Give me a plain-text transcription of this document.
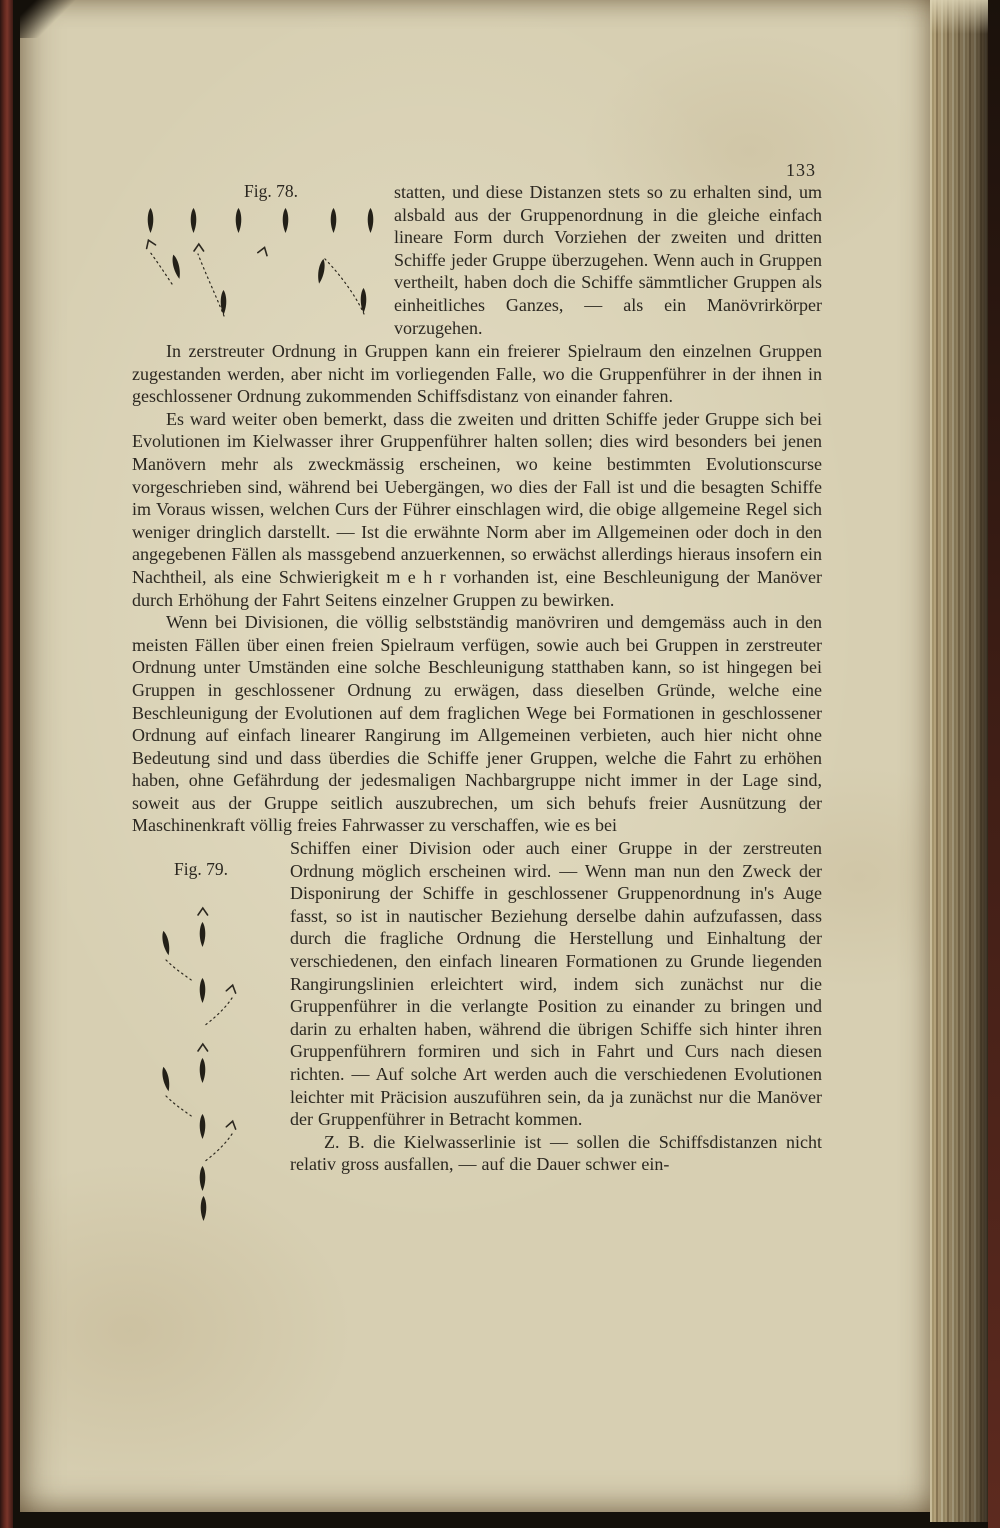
133
Fig. 78.	statten, und diese Distanzen stets so zu erhalten sind, um alsbald aus der Gruppenordnung in die gleiche einfach lineare Form durch Vorziehen der zweiten und dritten Schiffe jeder Gruppe überzugehen. Wenn auch in Gruppen vertheilt, haben doch die Schiffe sämmtlicher Gruppen als einheitliches Ganzes, — als ein Manövrirkörper vorzugehen.

In zerstreuter Ordnung in Gruppen kann ein freierer Spielraum den einzelnen Gruppen zugestanden werden, aber nicht im vorliegenden Falle, wo die Gruppenführer in der ihnen in geschlossener Ordnung zukommenden Schiffsdistanz von einander fahren.

Es ward weiter oben bemerkt, dass die zweiten und dritten Schiffe jeder Gruppe sich bei Evolutionen im Kielwasser ihrer Gruppenführer halten sollen; dies wird besonders bei jenen Manövern mehr als zweckmässig erscheinen, wo keine bestimmten Evolutionscurse vorgeschrieben sind, während bei Uebergängen, wo dies der Fall ist und die besagten Schiffe im Voraus wissen, welchen Curs der Führer einschlagen wird, die obige allgemeine Regel sich weniger dringlich darstellt. — Ist die erwähnte Norm aber im Allgemeinen oder doch in den angegebenen Fällen als massgebend anzuerkennen, so erwächst allerdings hieraus insofern ein Nachtheil, als eine Schwierigkeit m e h r vorhanden ist, eine Beschleunigung der Manöver durch Erhöhung der Fahrt Seitens einzelner Gruppen zu bewirken.

Wenn bei Divisionen, die völlig selbstständig manövriren und demgemäss auch in den meisten Fällen über einen freien Spielraum verfügen, sowie auch bei Gruppen in zerstreuter Ordnung unter Umständen eine solche Beschleunigung statthaben kann, so ist hingegen bei Gruppen in geschlossener Ordnung zu erwägen, dass dieselben Gründe, welche eine Beschleunigung der Evolutionen auf dem fraglichen Wege bei Formationen in geschlossener Ordnung auf einfach linearer Rangirung im Allgemeinen verbieten, auch hier nicht ohne Bedeutung sind und dass überdies die Schiffe jener Gruppen, welche die Fahrt zu erhöhen haben, ohne Gefährdung der jedesmaligen Nachbargruppe nicht immer in der Lage sind, soweit aus der Gruppe seitlich auszubrechen, um sich behufs freier Ausnützung der Maschinenkraft völlig freies Fahrwasser zu verschaffen, wie es bei

Fig. 79.

Schiffen einer Division oder auch einer Gruppe in der zerstreuten Ordnung möglich erscheinen wird. — Wenn man nun den Zweck der Disponirung der Schiffe in geschlossener Gruppenordnung in's Auge fasst, so ist in nautischer Beziehung derselbe dahin aufzufassen, dass durch die fragliche Ordnung die Herstellung und Einhaltung der verschiedenen, den einfach linearen Formationen zu Grunde liegenden Rangirungslinien erleichtert wird, indem sich zunächst nur die Gruppenführer in die verlangte Position zu einander zu bringen und darin zu erhalten haben, während die übrigen Schiffe sich hinter ihren Gruppenführern formiren und sich in Fahrt und Curs nach diesen richten. — Auf solche Art werden auch die verschiedenen Evolutionen leichter mit Präcision auszuführen sein, da ja zunächst nur die Manöver der Gruppenführer in Betracht kommen.

Z. B. die Kielwasserlinie ist — sollen die Schiffsdistanzen nicht relativ gross ausfallen, — auf die Dauer schwer ein-
